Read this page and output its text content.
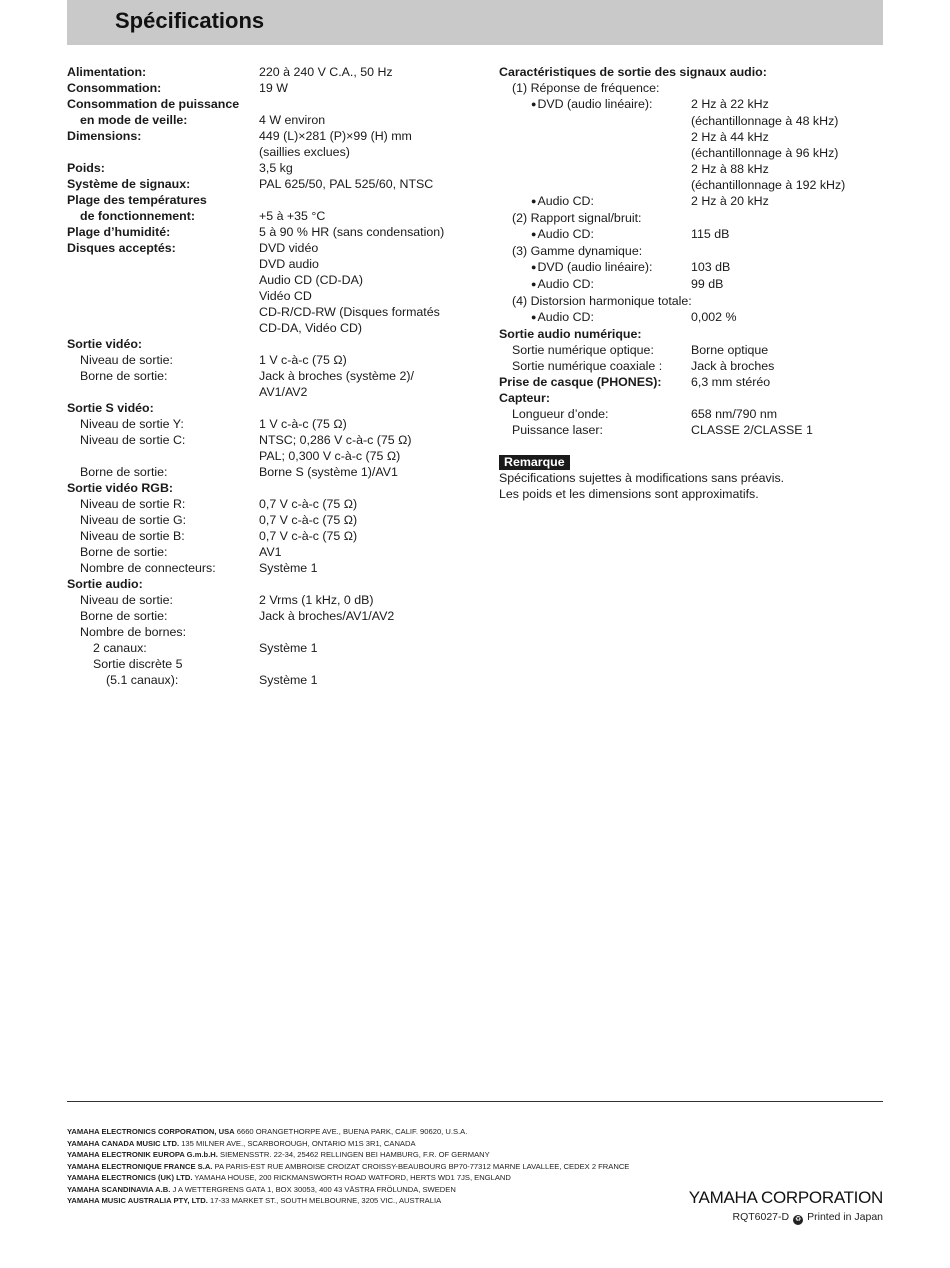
Spécifications
Alimentation:	220 à 240 V C.A., 50 Hz
Consommation:	19 W
Consommation de puissance
en mode de veille:	4 W environ
Dimensions:	449 (L)×281 (P)×99 (H) mm
(saillies exclues)
Poids:	3,5 kg
Système de signaux:	PAL 625/50, PAL 525/60, NTSC
Plage des températures
de fonctionnement:	+5 à +35 °C
Plage d’humidité:	5 à 90 % HR (sans condensation)
Disques acceptés:	DVD vidéo
DVD audio
Audio CD (CD-DA)
Vidéo CD
CD-R/CD-RW (Disques formatés
CD-DA, Vidéo CD)
Sortie vidéo:
Niveau de sortie:	1 V c-à-c (75 Ω)
Borne de sortie:	Jack à broches (système 2)/
AV1/AV2
Sortie S vidéo:
Niveau de sortie Y:	1 V c-à-c (75 Ω)
Niveau de sortie C:	NTSC; 0,286 V c-à-c (75 Ω)
PAL; 0,300 V c-à-c (75 Ω)
Borne de sortie:	Borne S (système 1)/AV1
Sortie vidéo RGB:
Niveau de sortie R:	0,7 V c-à-c (75 Ω)
Niveau de sortie G:	0,7 V c-à-c (75 Ω)
Niveau de sortie B:	0,7 V c-à-c (75 Ω)
Borne de sortie:	AV1
Nombre de connecteurs:	Système 1
Sortie audio:
Niveau de sortie:	2 Vrms (1 kHz, 0 dB)
Borne de sortie:	Jack à broches/AV1/AV2
Nombre de bornes:
2 canaux:	Système 1
Sortie discrète 5
(5.1 canaux):	Système 1
Caractéristiques de sortie des signaux audio:
(1) Réponse de fréquence:
● DVD (audio linéaire):	2 Hz à 22 kHz
(échantillonnage à 48 kHz)
2 Hz à 44 kHz
(échantillonnage à 96 kHz)
2 Hz à 88 kHz
(échantillonnage à 192 kHz)
● Audio CD:	2 Hz à 20 kHz
(2) Rapport signal/bruit:
● Audio CD:	115 dB
(3) Gamme dynamique:
● DVD (audio linéaire):	103 dB
● Audio CD:	99 dB
(4) Distorsion harmonique totale:
● Audio CD:	0,002 %
Sortie audio numérique:
Sortie numérique optique:	Borne optique
Sortie numérique coaxiale :	Jack à broches
Prise de casque (PHONES):	6,3 mm stéréo
Capteur:
Longueur d’onde:	658 nm/790 nm
Puissance laser:	CLASSE 2/CLASSE 1
Remarque
Spécifications sujettes à modifications sans préavis.
Les poids et les dimensions sont approximatifs.
YAMAHA ELECTRONICS CORPORATION, USA 6660 ORANGETHORPE AVE., BUENA PARK, CALIF. 90620, U.S.A.
YAMAHA CANADA MUSIC LTD. 135 MILNER AVE., SCARBOROUGH, ONTARIO M1S 3R1, CANADA
YAMAHA ELECTRONIK EUROPA G.m.b.H. SIEMENSSTR. 22-34, 25462 RELLINGEN BEI HAMBURG, F.R. OF GERMANY
YAMAHA ELECTRONIQUE FRANCE S.A. PA PARIS-EST RUE AMBROISE CROIZAT CROISSY-BEAUBOURG BP70-77312 MARNE LAVALLEE, CEDEX 2 FRANCE
YAMAHA ELECTRONICS (UK) LTD. YAMAHA HOUSE, 200 RICKMANSWORTH ROAD WATFORD, HERTS WD1 7JS, ENGLAND
YAMAHA SCANDINAVIA A.B. J A WETTERGRENS GATA 1, BOX 30053, 400 43 VÄSTRA FRÖLUNDA, SWEDEN
YAMAHA MUSIC AUSTRALIA PTY, LTD. 17-33 MARKET ST., SOUTH MELBOURNE, 3205 VIC., AUSTRALIA	YAMAHA CORPORATION
RQT6027-D ♻ Printed in Japan
